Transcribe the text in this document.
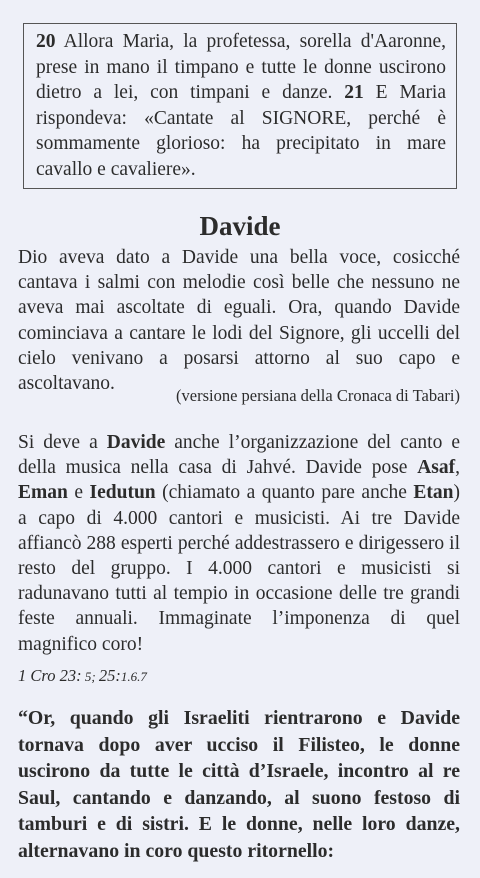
20 Allora Maria, la profetessa, sorella d'Aaronne, prese in mano il timpano e tutte le donne uscirono dietro a lei, con timpani e danze. 21 E Maria rispondeva: «Cantate al SIGNORE, perché è sommamente glorioso: ha precipitato in mare cavallo e cavaliere».
Davide
Dio aveva dato a Davide una bella voce, cosicché cantava i salmi con melodie così belle che nessuno ne aveva mai ascoltate di eguali. Ora, quando Davide cominciava a cantare le lodi del Signore, gli uccelli del cielo venivano a posarsi attorno al suo capo e ascoltavano.
(versione persiana della Cronaca di Tabari)
Si deve a Davide anche l’organizzazione del canto e della musica nella casa di Jahvé. Davide pose Asaf, Eman e Iedutun (chiamato a quanto pare anche Etan) a capo di 4.000 cantori e musicisti. Ai tre Davide affiancò 288 esperti perché addestrassero e dirigessero il resto del gruppo. I 4.000 cantori e musicisti si radunavano tutti al tempio in occasione delle tre grandi feste annuali. Immaginate l’imponenza di quel magnifico coro!
1 Cro 23: 5; 25:1.6.7
“Or, quando gli Israeliti rientrarono e Davide tornava dopo aver ucciso il Filisteo, le donne uscirono da tutte le città d’Israele, incontro al re Saul, cantando e danzando, al suono festoso di tamburi e di sistri. E le donne, nelle loro danze, alternavano in coro questo ritornello:
